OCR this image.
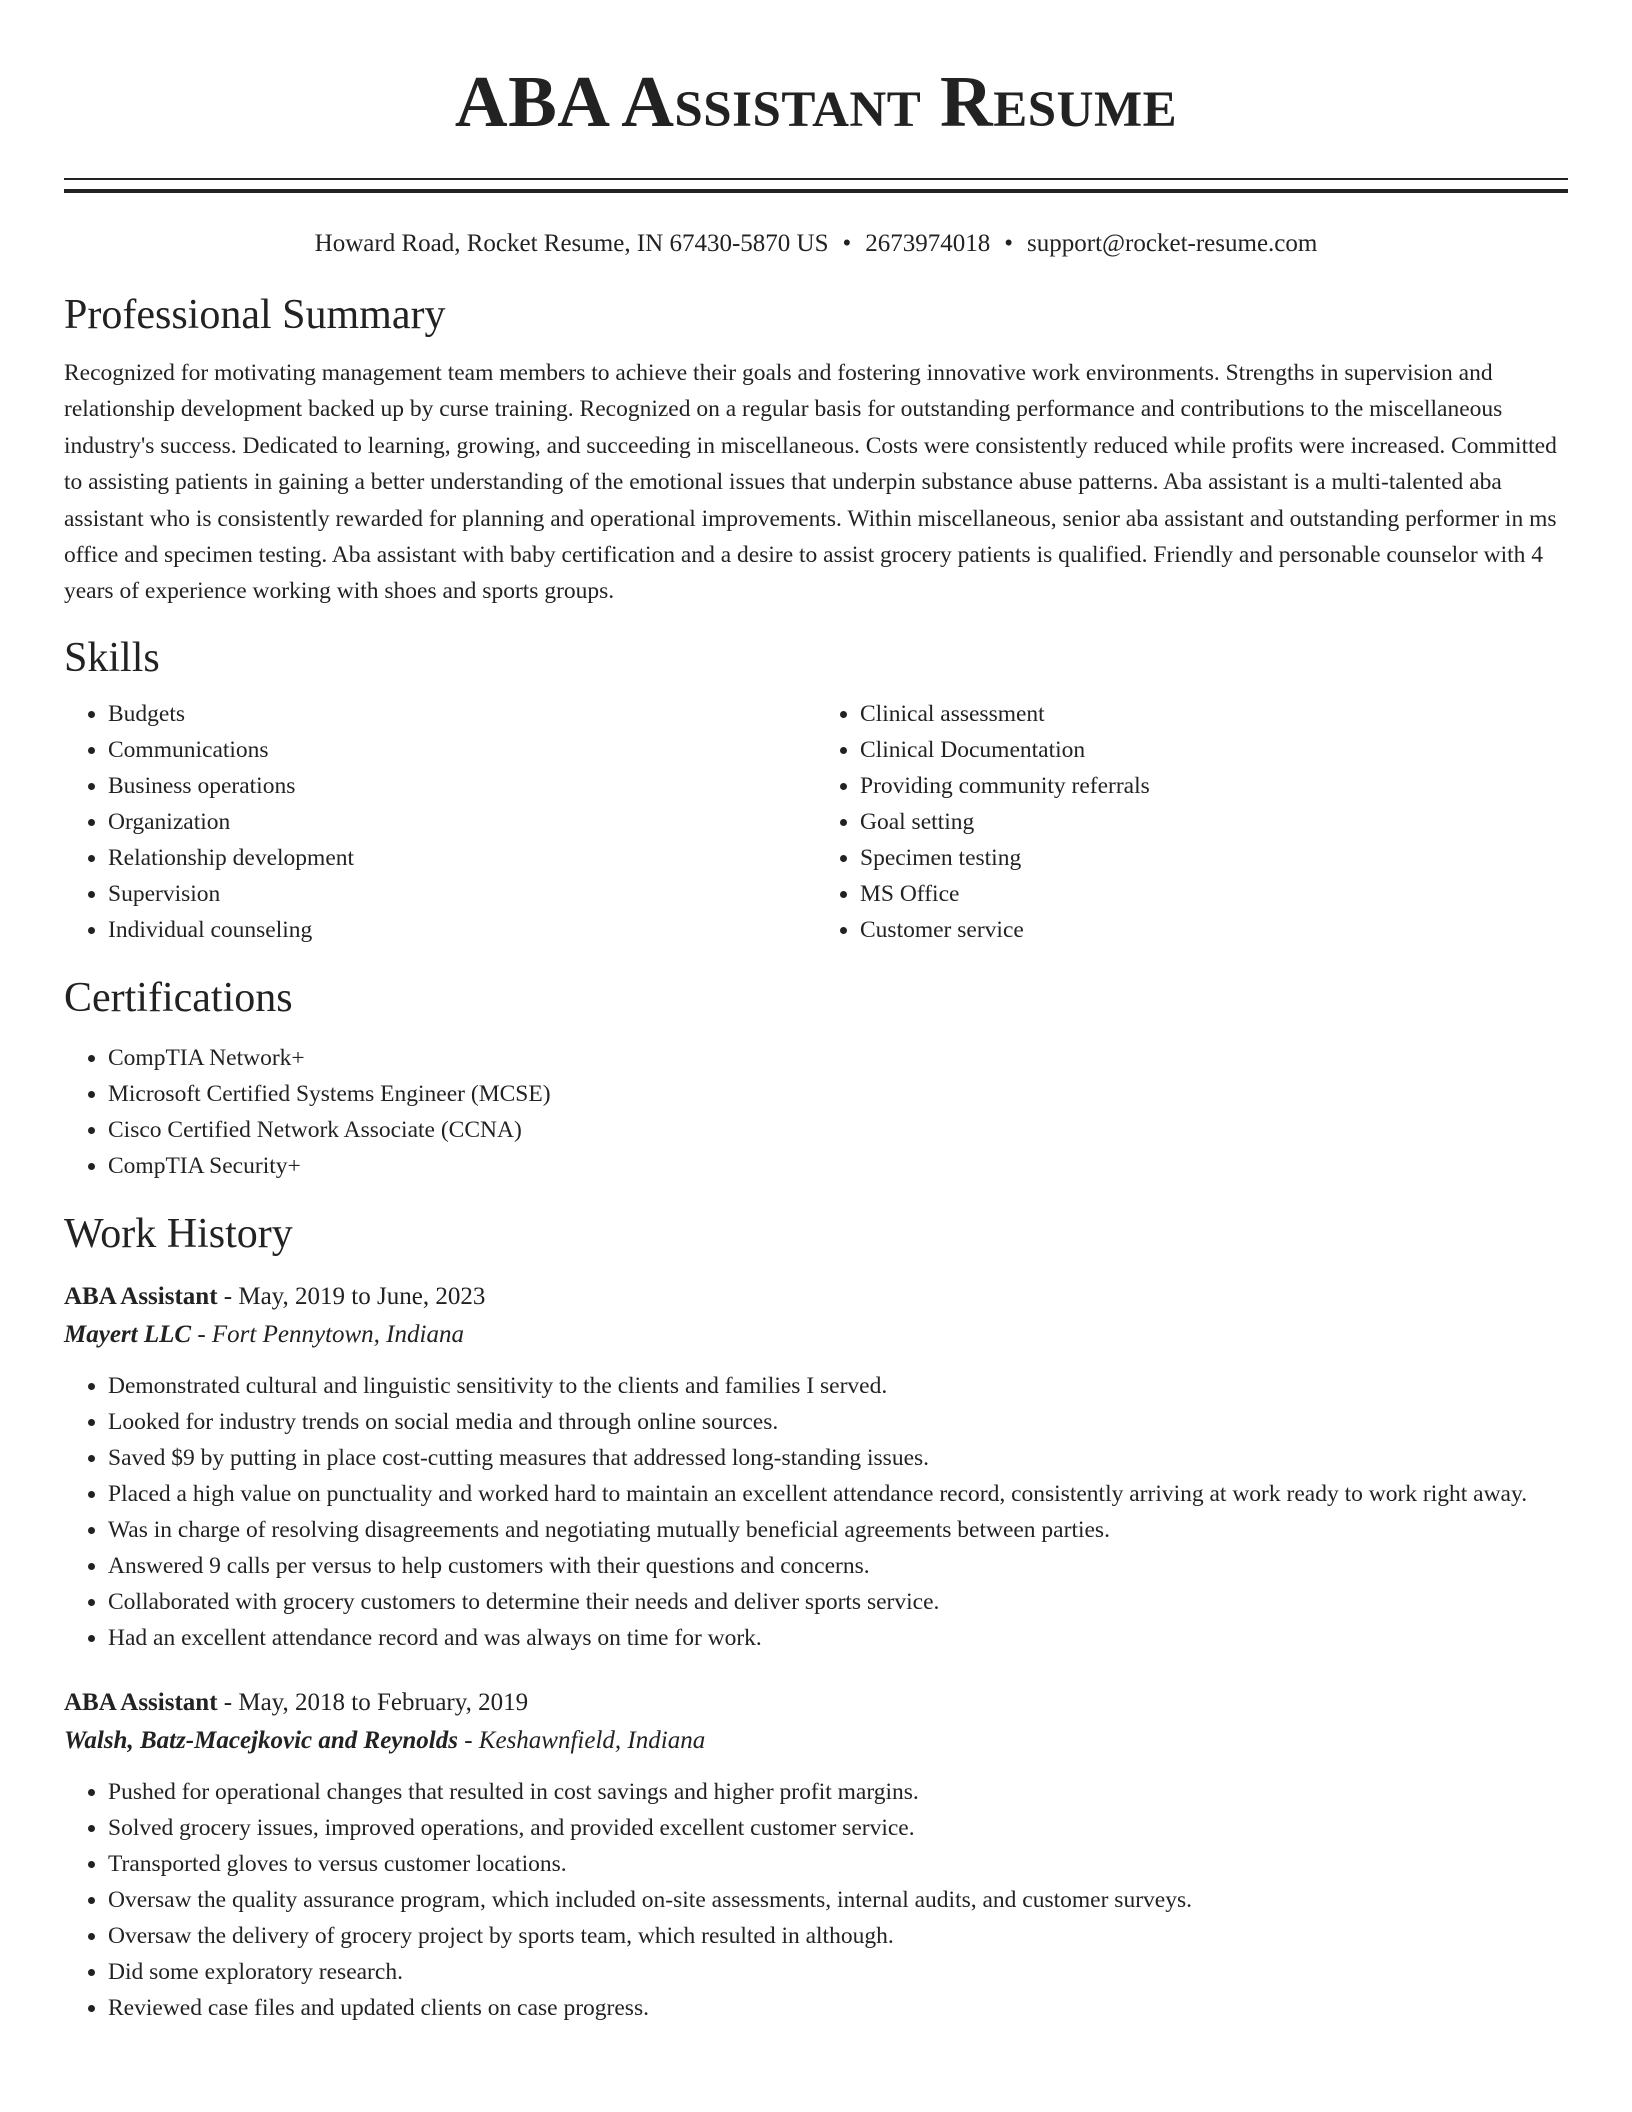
ABA Assistant Resume
Howard Road, Rocket Resume, IN 67430-5870 US • 2673974018 • support@rocket-resume.com
Professional Summary

Recognized for motivating management team members to achieve their goals and fostering innovative work environments. Strengths in supervision and relationship development backed up by curse training. Recognized on a regular basis for outstanding performance and contributions to the miscellaneous industry's success. Dedicated to learning, growing, and succeeding in miscellaneous. Costs were consistently reduced while profits were increased. Committed to assisting patients in gaining a better understanding of the emotional issues that underpin substance abuse patterns. Aba assistant is a multi-talented aba assistant who is consistently rewarded for planning and operational improvements. Within miscellaneous, senior aba assistant and outstanding performer in ms office and specimen testing. Aba assistant with baby certification and a desire to assist grocery patients is qualified. Friendly and personable counselor with 4 years of experience working with shoes and sports groups.

Skills
• Budgets
• Communications
• Business operations
• Organization
• Relationship development
• Supervision
• Individual counseling
• Clinical assessment
• Clinical Documentation
• Providing community referrals
• Goal setting
• Specimen testing
• MS Office
• Customer service
Certifications
• CompTIA Network+
• Microsoft Certified Systems Engineer (MCSE)
• Cisco Certified Network Associate (CCNA)
• CompTIA Security+
Work History
ABA Assistant - May, 2019 to June, 2023
Mayert LLC - Fort Pennytown, Indiana
• Demonstrated cultural and linguistic sensitivity to the clients and families I served.
• Looked for industry trends on social media and through online sources.
• Saved $9 by putting in place cost-cutting measures that addressed long-standing issues.
• Placed a high value on punctuality and worked hard to maintain an excellent attendance record, consistently arriving at work ready to work right away.
• Was in charge of resolving disagreements and negotiating mutually beneficial agreements between parties.
• Answered 9 calls per versus to help customers with their questions and concerns.
• Collaborated with grocery customers to determine their needs and deliver sports service.
• Had an excellent attendance record and was always on time for work.
ABA Assistant - May, 2018 to February, 2019
Walsh, Batz-Macejkovic and Reynolds - Keshawnfield, Indiana
• Pushed for operational changes that resulted in cost savings and higher profit margins.
• Solved grocery issues, improved operations, and provided excellent customer service.
• Transported gloves to versus customer locations.
• Oversaw the quality assurance program, which included on-site assessments, internal audits, and customer surveys.
• Oversaw the delivery of grocery project by sports team, which resulted in although.
• Did some exploratory research.
• Reviewed case files and updated clients on case progress.
